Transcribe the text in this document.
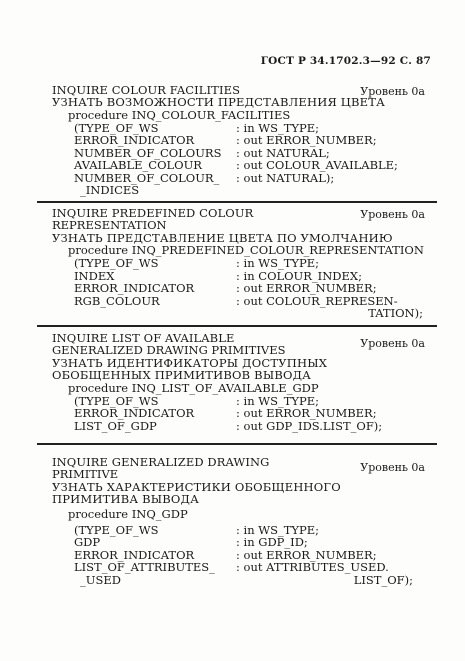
ГОСТ Р 34.1702.3—92 С. 87
INQUIRE COLOUR FACILITIES	Уровень 0а
УЗНАТЬ ВОЗМОЖНОСТИ ПРЕДСТАВЛЕНИЯ ЦВЕТА
procedure INQ_COLOUR_FACILITIES
(TYPE_OF_WS	: in WS_TYPE;
ERROR_INDICATOR	: out ERROR_NUMBER;
NUMBER_OF_COLOURS : out NATURAL;
AVAILABLE_COLOUR	: out COLOUR_AVAILABLE;
NUMBER_OF_COLOUR_ : out NATURAL);
_INDICES
INQUIRE PREDEFINED COLOUR	Уровень 0а
REPRESENTATION
УЗНАТЬ ПРЕДСТАВЛЕНИЕ ЦВЕТА ПО УМОЛЧАНИЮ
procedure INQ_PREDEFINED_COLOUR_REPRESENTATION
(TYPE_OF_WS	: in WS_TYPE;
INDEX	: in COLOUR_INDEX;
ERROR_INDICATOR	: out ERROR_NUMBER;
RGB_COLOUR	: out COLOUR_REPRESEN-
TATION);
INQUIRE LIST OF AVAILABLE	Уровень 0а
GENERALIZED DRAWING PRIMITIVES
УЗНАТЬ ИДЕНТИФИКАТОРЫ ДОСТУПНЫХ
ОБОБЩЕННЫХ ПРИМИТИВОВ ВЫВОДА
procedure INQ_LIST_OF_AVAILABLE_GDP
(TYPE_OF_WS	: in WS_TYPE;
ERROR_INDICATOR	: out ERROR_NUMBER;
LIST_OF_GDP	: out GDP_IDS.LIST_OF);
INQUIRE GENERALIZED DRAWING	Уровень 0а
PRIMITIVE
УЗНАТЬ ХАРАКТЕРИСТИКИ ОБОБЩЕННОГО
ПРИМИТИВА ВЫВОДА
procedure INQ_GDP
(TYPE_OF_WS	: in WS_TYPE;
GDP	: in GDP_ID;
ERROR_INDICATOR	: out ERROR_NUMBER;
LIST_OF_ATTRIBUTES_ : out ATTRIBUTES_USED.
_USED	LIST_OF);
